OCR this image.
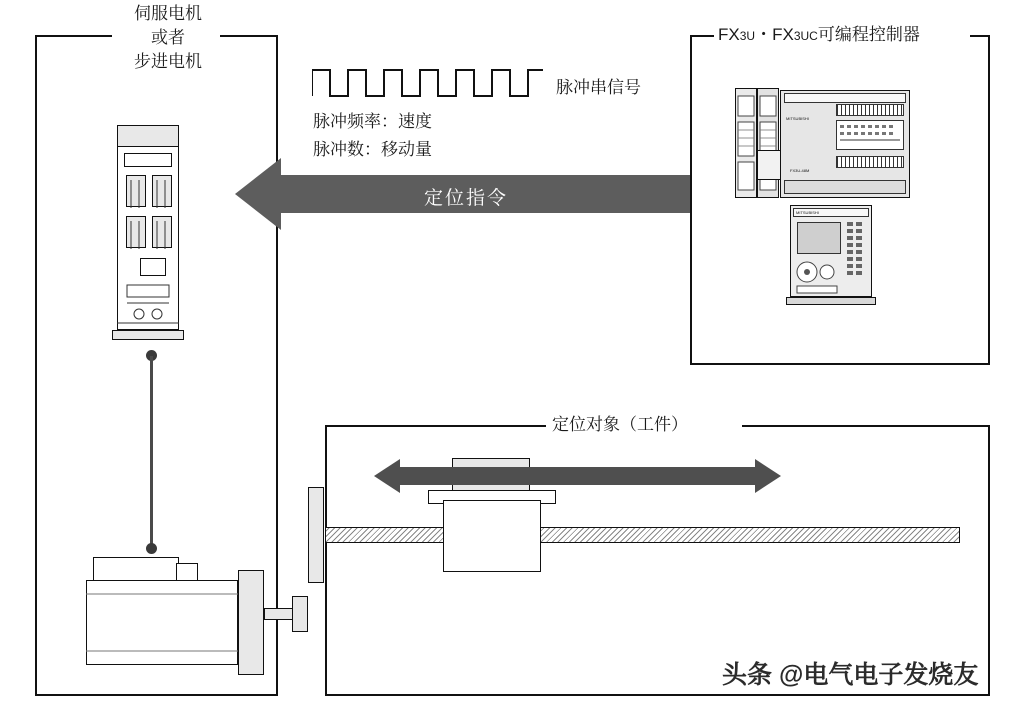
伺服电机
或者
步进电机
FX3U・FX3UC可编程控制器
MITSUBISHI
FX3U-48M
MITSUBISHI
脉冲串信号
脉冲频率：速度
脉冲数：移动量
定位指令
定位对象（工件）
头条 @电气电子发烧友
